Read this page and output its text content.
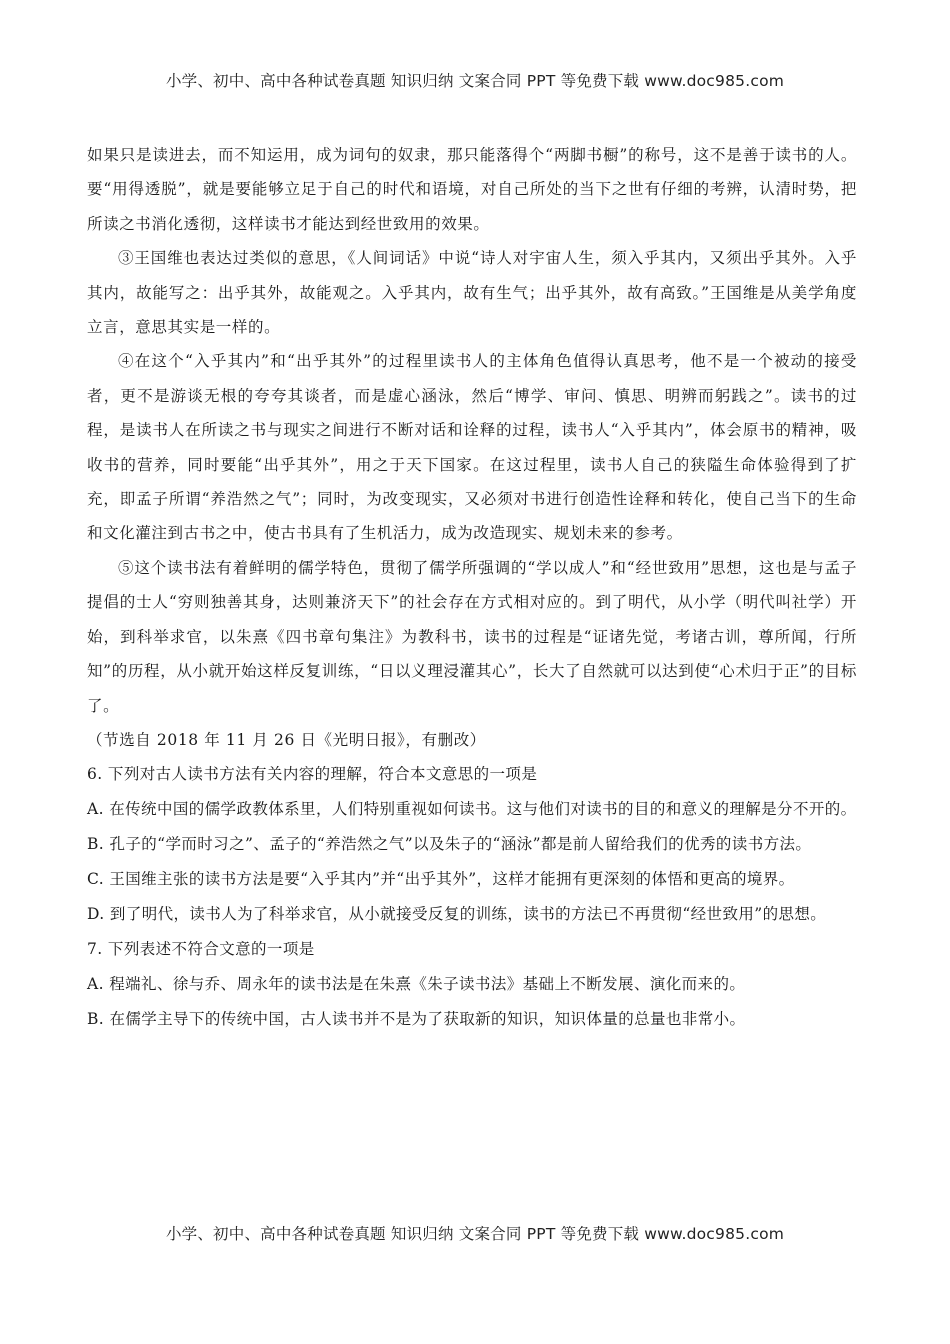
小学、初中、高中各种试卷真题 知识归纳 文案合同 PPT 等免费下载 www.doc985.com

如果只是读进去，而不知运用，成为词句的奴隶，那只能落得个“两脚书橱”的称号，这不是善于读书的人。要“用得透脱”，就是要能够立足于自己的时代和语境，对自己所处的当下之世有仔细的考辨，认清时势，把所读之书消化透彻，这样读书才能达到经世致用的效果。

③王国维也表达过类似的意思，《人间词话》中说“诗人对宇宙人生，须入乎其内，又须出乎其外。入乎其内，故能写之：出乎其外，故能观之。入乎其内，故有生气；出乎其外，故有高致。”王国维是从美学角度立言，意思其实是一样的。

④在这个“入乎其内”和“出乎其外”的过程里读书人的主体角色值得认真思考，他不是一个被动的接受者，更不是游谈无根的夸夸其谈者，而是虚心涵泳，然后“博学、审问、慎思、明辨而躬践之”。读书的过程，是读书人在所读之书与现实之间进行不断对话和诠释的过程，读书人“入乎其内”，体会原书的精神，吸收书的营养，同时要能“出乎其外”，用之于天下国家。在这过程里，读书人自己的狭隘生命体验得到了扩充，即孟子所谓“养浩然之气”；同时，为改变现实，又必须对书进行创造性诠释和转化，使自己当下的生命和文化灌注到古书之中，使古书具有了生机活力，成为改造现实、规划未来的参考。

⑤这个读书法有着鲜明的儒学特色，贯彻了儒学所强调的“学以成人”和“经世致用”思想，这也是与孟子提倡的士人“穷则独善其身，达则兼济天下”的社会存在方式相对应的。到了明代，从小学（明代叫社学）开始，到科举求官，以朱熹《四书章句集注》为教科书，读书的过程是“证诸先觉，考诸古训，尊所闻，行所知”的历程，从小就开始这样反复训练，“日以义理浸灌其心”，长大了自然就可以达到使“心术归于正”的目标了。

（节选自 2018 年 11 月 26 日《光明日报》，有删改）

6. 下列对古人读书方法有关内容的理解，符合本文意思的一项是

A. 在传统中国的儒学政教体系里，人们特别重视如何读书。这与他们对读书的目的和意义的理解是分不开的。

B. 孔子的“学而时习之”、孟子的“养浩然之气”以及朱子的“涵泳”都是前人留给我们的优秀的读书方法。

C. 王国维主张的读书方法是要“入乎其内”并“出乎其外”，这样才能拥有更深刻的体悟和更高的境界。

D. 到了明代，读书人为了科举求官，从小就接受反复的训练，读书的方法已不再贯彻“经世致用”的思想。

7. 下列表述不符合文意的一项是

A. 程端礼、徐与乔、周永年的读书法是在朱熹《朱子读书法》基础上不断发展、演化而来的。

B. 在儒学主导下的传统中国，古人读书并不是为了获取新的知识，知识体量的总量也非常小。

小学、初中、高中各种试卷真题 知识归纳 文案合同 PPT 等免费下载 www.doc985.com
